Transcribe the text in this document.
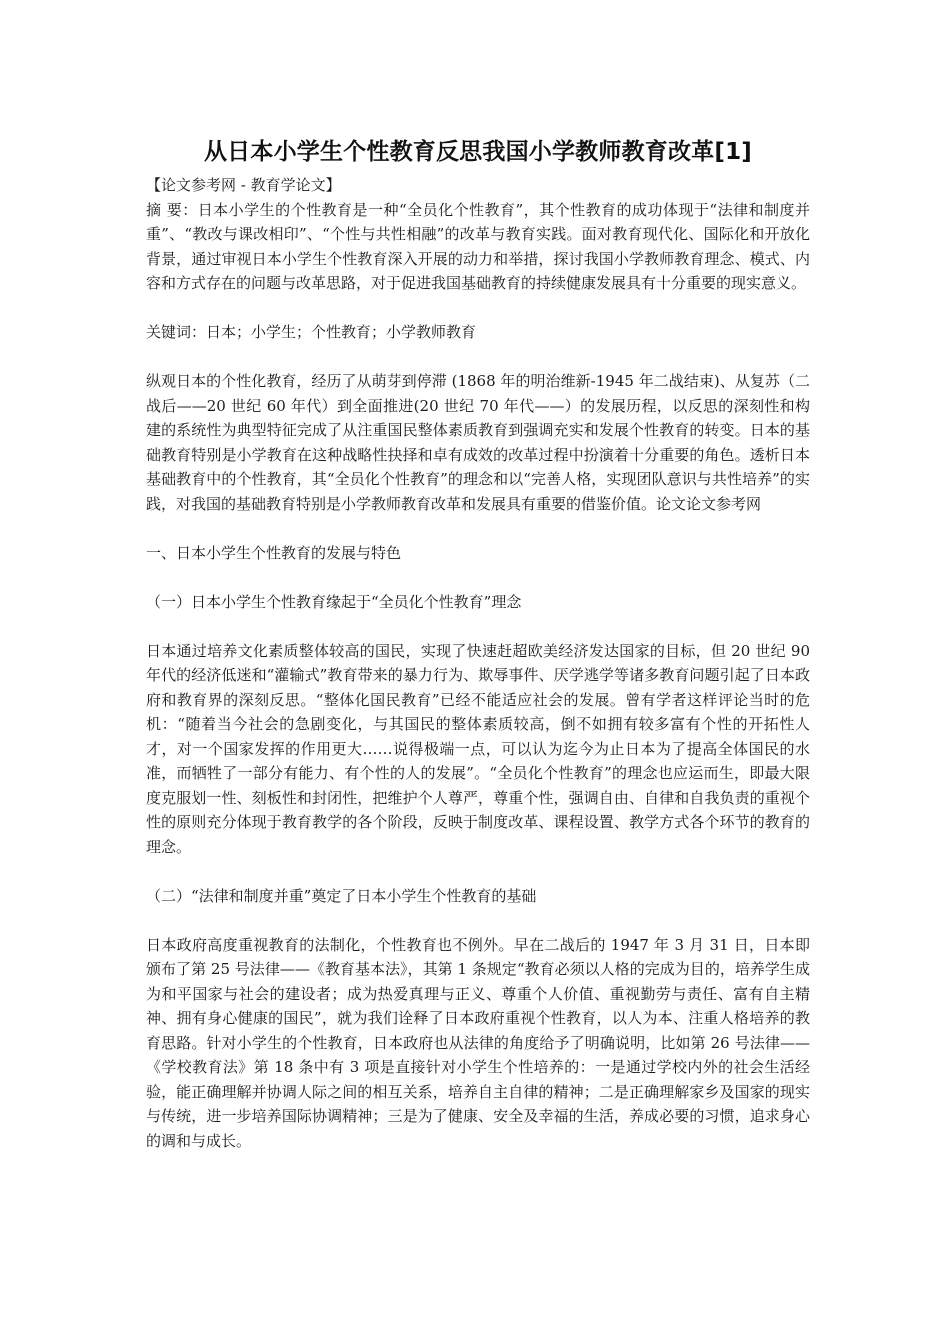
从日本小学生个性教育反思我国小学教师教育改革[1]

【论文参考网 - 教育学论文】

摘 要：日本小学生的个性教育是一种“全员化个性教育”，其个性教育的成功体现于“法律和制度并重”、“教改与课改相印”、“个性与共性相融”的改革与教育实践。面对教育现代化、国际化和开放化背景，通过审视日本小学生个性教育深入开展的动力和举措，探讨我国小学教师教育理念、模式、内容和方式存在的问题与改革思路，对于促进我国基础教育的持续健康发展具有十分重要的现实意义。

关键词：日本；小学生；个性教育；小学教师教育

纵观日本的个性化教育，经历了从萌芽到停滞 (1868 年的明治维新-1945 年二战结束)、从复苏（二战后——20 世纪 60 年代）到全面推进(20 世纪 70 年代——）的发展历程，以反思的深刻性和构建的系统性为典型特征完成了从注重国民整体素质教育到强调充实和发展个性教育的转变。日本的基础教育特别是小学教育在这种战略性抉择和卓有成效的改革过程中扮演着十分重要的角色。透析日本基础教育中的个性教育，其“全员化个性教育”的理念和以“完善人格，实现团队意识与共性培养”的实践，对我国的基础教育特别是小学教师教育改革和发展具有重要的借鉴价值。论文论文参考网

一、日本小学生个性教育的发展与特色

（一）日本小学生个性教育缘起于“全员化个性教育”理念

日本通过培养文化素质整体较高的国民，实现了快速赶超欧美经济发达国家的目标，但 20 世纪 90 年代的经济低迷和“灌输式”教育带来的暴力行为、欺辱事件、厌学逃学等诸多教育问题引起了日本政府和教育界的深刻反思。“整体化国民教育”已经不能适应社会的发展。曾有学者这样评论当时的危机：“随着当今社会的急剧变化，与其国民的整体素质较高，倒不如拥有较多富有个性的开拓性人才，对一个国家发挥的作用更大……说得极端一点，可以认为迄今为止日本为了提高全体国民的水准，而牺牲了一部分有能力、有个性的人的发展”。“全员化个性教育”的理念也应运而生，即最大限度克服划一性、刻板性和封闭性，把维护个人尊严，尊重个性，强调自由、自律和自我负责的重视个性的原则充分体现于教育教学的各个阶段，反映于制度改革、课程设置、教学方式各个环节的教育的理念。

（二）“法律和制度并重”奠定了日本小学生个性教育的基础

日本政府高度重视教育的法制化，个性教育也不例外。早在二战后的 1947 年 3 月 31 日，日本即颁布了第 25 号法律——《教育基本法》，其第 1 条规定“教育必须以人格的完成为目的，培养学生成为和平国家与社会的建设者；成为热爱真理与正义、尊重个人价值、重视勤劳与责任、富有自主精神、拥有身心健康的国民”，就为我们诠释了日本政府重视个性教育，以人为本、注重人格培养的教育思路。针对小学生的个性教育，日本政府也从法律的角度给予了明确说明，比如第 26 号法律——《学校教育法》第 18 条中有 3 项是直接针对小学生个性培养的：一是通过学校内外的社会生活经验，能正确理解并协调人际之间的相互关系，培养自主自律的精神；二是正确理解家乡及国家的现实与传统，进一步培养国际协调精神；三是为了健康、安全及幸福的生活，养成必要的习惯，追求身心的调和与成长。
